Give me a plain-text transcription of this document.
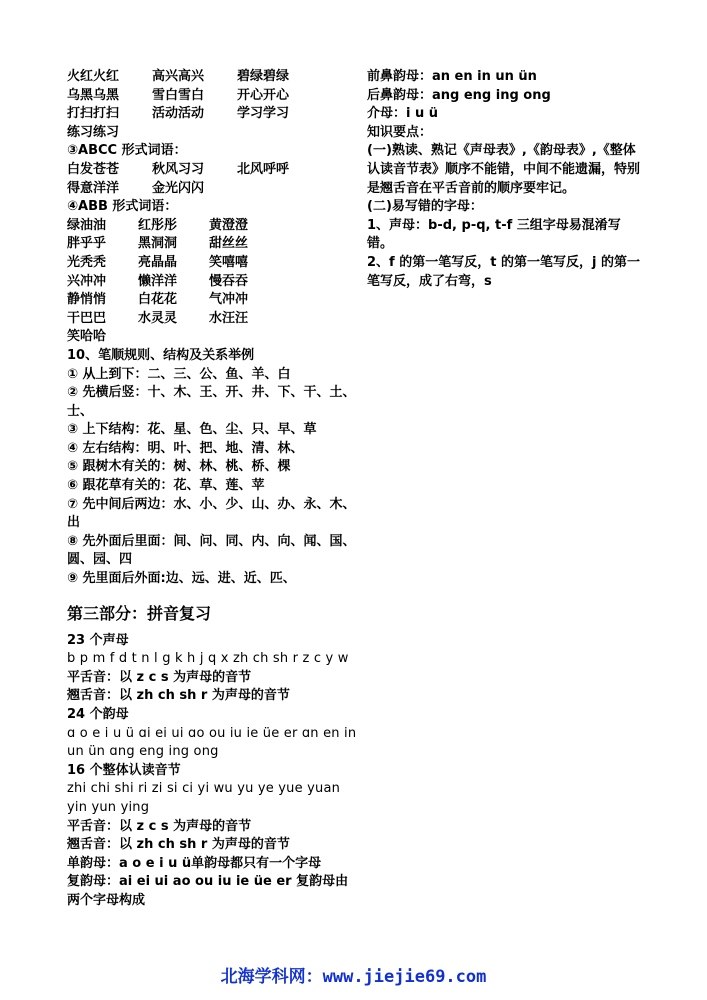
火红火红	高兴高兴	碧绿碧绿
乌黑乌黑	雪白雪白	开心开心
打扫打扫	活动活动	学习学习
练习练习
③ABCC 形式词语：
白发苍苍	秋风习习	北风呼呼
得意洋洋	金光闪闪
④ABB 形式词语：
绿油油 红彤彤 黄澄澄
胖乎乎 黑洞洞 甜丝丝
光秃秃 亮晶晶 笑嘻嘻
兴冲冲 懒洋洋 慢吞吞
静悄悄 白花花 气冲冲
干巴巴 水灵灵 水汪汪
笑哈哈
10、笔顺规则、结构及关系举例
① 从上到下：二、三、公、鱼、羊、白
② 先横后竖：十、木、王、开、井、下、干、土、士、
③ 上下结构：花、星、色、尘、只、早、草
④ 左右结构：明、叶、把、地、清、林、
⑤ 跟树木有关的：树、林、桃、桥、棵
⑥ 跟花草有关的：花、草、莲、苹
⑦ 先中间后两边：水、小、少、山、办、永、木、出
⑧ 先外面后里面：间、问、同、内、向、闻、国、圆、园、四
⑨ 先里面后外面:边、远、进、近、匹、
第三部分：拼音复习
23 个声母
b p m f d t n l g k h j q x zh ch sh r z c y w
平舌音：以 z c s 为声母的音节
翘舌音：以 zh ch sh r 为声母的音节
24 个韵母
ɑ o e i u ü ɑi ei ui ɑo ou iu ie üe er ɑn en in un ün ɑng eng ing ong
16 个整体认读音节
zhi chi shi ri zi si ci yi wu yu ye yue yuan yin yun ying
平舌音：以 z c s 为声母的音节
翘舌音：以 zh ch sh r 为声母的音节
单韵母：a o e i u ü单韵母都只有一个字母
复韵母：ai ei ui ao ou iu ie üe er 复韵母由两个字母构成
前鼻韵母：an en in un ün
后鼻韵母：ang eng ing ong
介母：i u ü
知识要点：
(一)熟读、熟记《声母表》,《韵母表》,《整体认读音节表》顺序不能错，中间不能遗漏，特别是翘舌音在平舌音前的顺序要牢记。
(二)易写错的字母：
1、声母：b-d, p-q, t-f 三组字母易混淆写错。
2、f 的第一笔写反，t 的第一笔写反，j 的第一笔写反，成了右弯，s
北海学科网：www.jiejie69.com
